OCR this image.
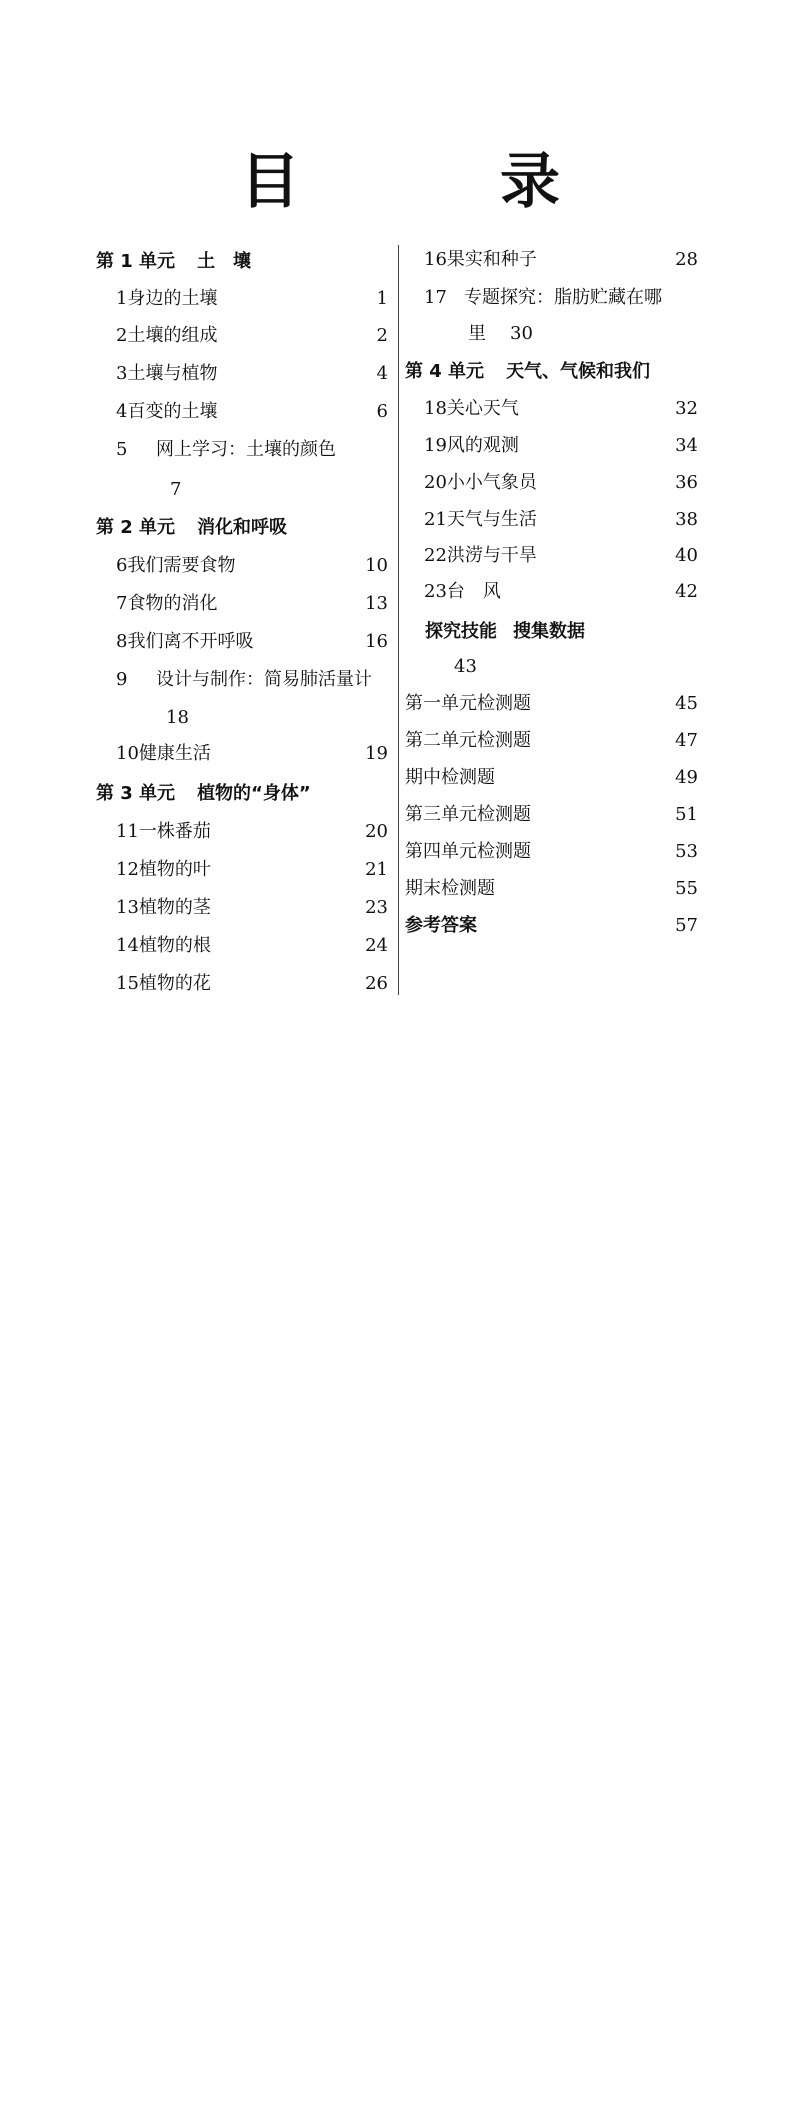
目　录
第 1 单元 土　壤
1 身边的土壤	1
2 土壤的组成	2
3 土壤与植物	4
4 百变的土壤	6
5	网上学习：土壤的颜色
7
第 2 单元 消化和呼吸
6 我们需要食物	10
7 食物的消化	13
8 我们离不开呼吸	16
9	设计与制作：简易肺活量计
18
10 健康生活	19
第 3 单元 植物的“身体”
11 一株番茄	20
12 植物的叶	21
13 植物的茎	23
14 植物的根	24
15 植物的花	26
16 果实和种子	28
17 专题探究：脂肪贮藏在哪
里 30
第 4 单元 天气、气候和我们
18 关心天气	32
19 风的观测	34
20 小小气象员	36
21 天气与生活	38
22 洪涝与干旱	40
23 台　风	42
探究技能 搜集数据
43
第一单元检测题	45
第二单元检测题	47
期中检测题	49
第三单元检测题	51
第四单元检测题	53
期末检测题	55
参考答案	57
